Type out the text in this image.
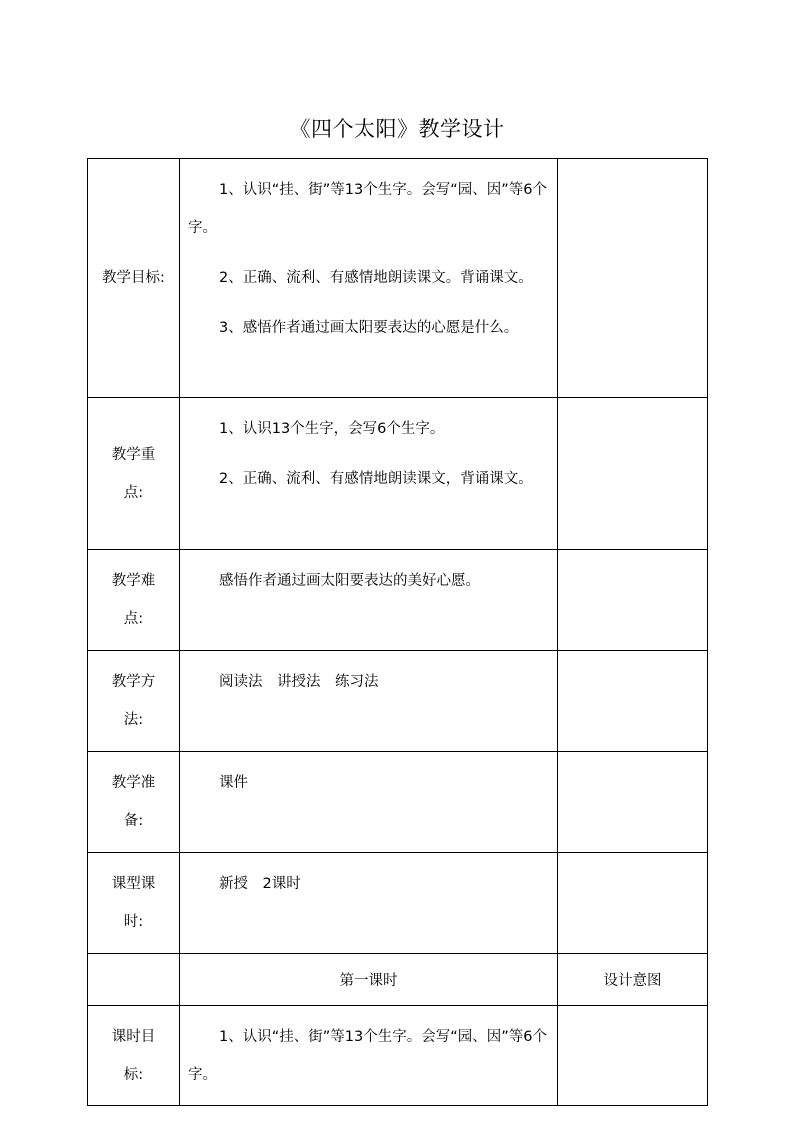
《四个太阳》教学设计
教学目标:	1、认识“挂、街”等13个生字。会写“园、因”等6个字。

2、正确、流利、有感情地朗读课文。背诵课文。

3、感悟作者通过画太阳要表达的心愿是什么。	

教学重点:	1、认识13个生字，会写6个生字。

2、正确、流利、有感情地朗读课文，背诵课文。	

教学难点:	感悟作者通过画太阳要表达的美好心愿。	

教学方法:	阅读法　讲授法　练习法	

教学准备:	课件	

课型课时:	新授　2课时	

	第一课时	设计意图
课时目标:	1、认识“挂、街”等13个生字。会写“园、因”等6个字。	
